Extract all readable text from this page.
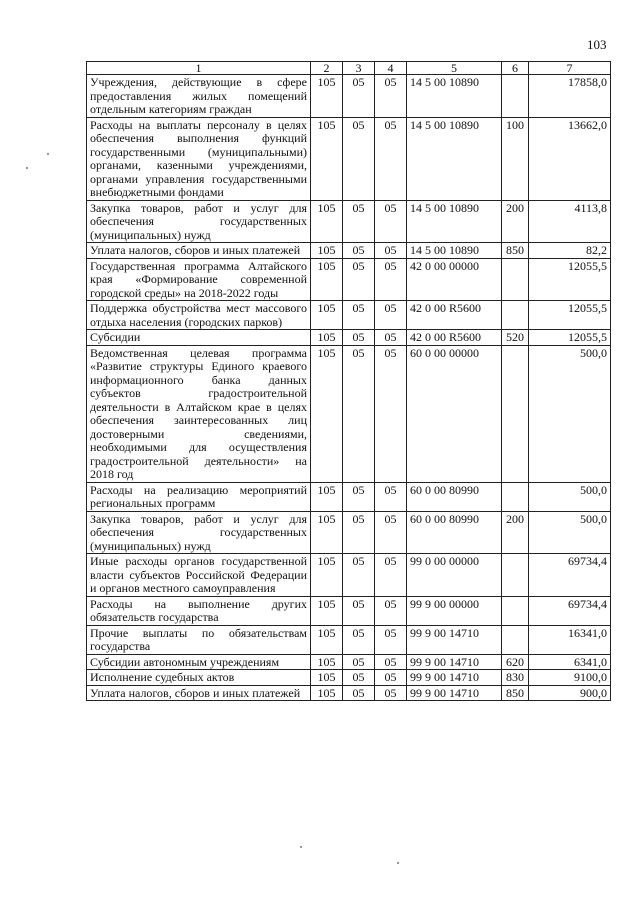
103
1	2	3	4	5	6	7
Учреждения, действующие в сфере предоставления жилых помещений отдельным категориям граждан	105	05	05	14 5 00 10890		17858,0
Расходы на выплаты персоналу в целях обеспечения выполнения функций государственными (муниципальными) органами, казенными учреждениями, органами управления государственными внебюджетными фондами	105	05	05	14 5 00 10890	100	13662,0
Закупка товаров, работ и услуг для обеспечения государственных (муниципальных) нужд	105	05	05	14 5 00 10890	200	4113,8
Уплата налогов, сборов и иных платежей	105	05	05	14 5 00 10890	850	82,2
Государственная программа Алтайского края «Формирование современной городской среды» на 2018-2022 годы	105	05	05	42 0 00 00000		12055,5
Поддержка обустройства мест массового отдыха населения (городских парков)	105	05	05	42 0 00 R5600		12055,5
Субсидии	105	05	05	42 0 00 R5600	520	12055,5
Ведомственная целевая программа «Развитие структуры Единого краевого информационного банка данных субъектов градостроительной деятельности в Алтайском крае в целях обеспечения заинтересованных лиц достоверными сведениями, необходимыми для осуществления градостроительной деятельности» на 2018 год	105	05	05	60 0 00 00000		500,0
Расходы на реализацию мероприятий региональных программ	105	05	05	60 0 00 80990		500,0
Закупка товаров, работ и услуг для обеспечения государственных (муниципальных) нужд	105	05	05	60 0 00 80990	200	500,0
Иные расходы органов государственной власти субъектов Российской Федерации и органов местного самоуправления	105	05	05	99 0 00 00000		69734,4
Расходы на выполнение других обязательств государства	105	05	05	99 9 00 00000		69734,4
Прочие выплаты по обязательствам государства	105	05	05	99 9 00 14710		16341,0
Субсидии автономным учреждениям	105	05	05	99 9 00 14710	620	6341,0
Исполнение судебных актов	105	05	05	99 9 00 14710	830	9100,0
Уплата налогов, сборов и иных платежей	105	05	05	99 9 00 14710	850	900,0
